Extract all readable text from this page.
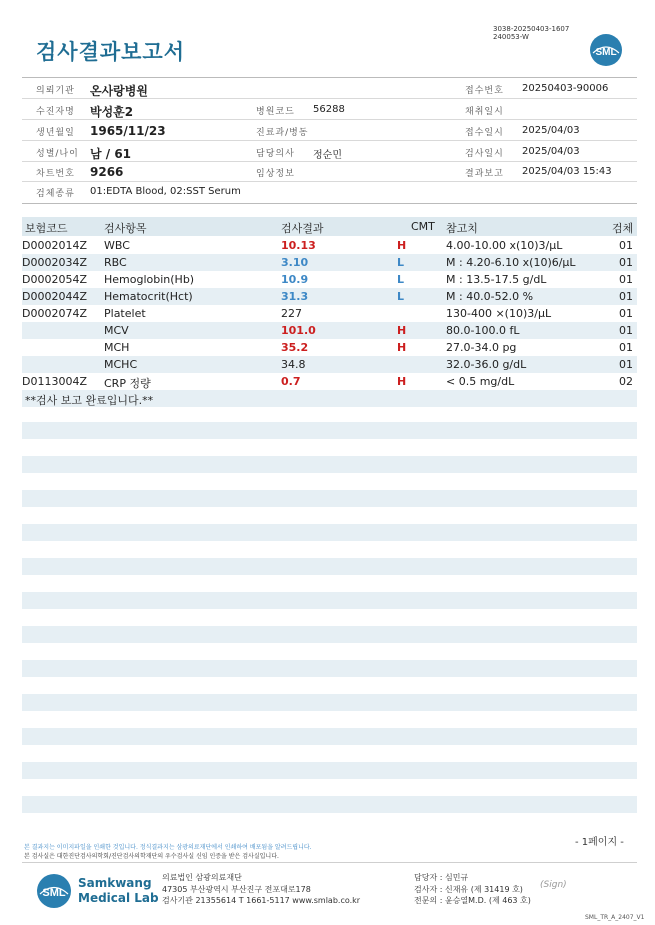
검사결과보고서
3038-20250403-1607
240053-W
SML
의뢰기관 온사랑병원	접수번호 20250403-90006
수진자명 박성훈2	병원코드 56288	채취일시
생년월일 1965/11/23	진료과/병동	접수일시 2025/04/03
성별/나이 남 / 61	담당의사 정순민	검사일시 2025/04/03
차트번호 9266	임상정보	결과보고 2025/04/03 15:43
검체종류 01:EDTA Blood, 02:SST Serum
보험코드	검사항목	검사결과	CMT 참고치	검체
D0002014Z WBC	10.13	H	4.00-10.00 x(10)3/μL	01
D0002034Z RBC	3.10	L	M : 4.20-6.10 x(10)6/μL	01
D0002054Z Hemoglobin(Hb)	10.9	L	M : 13.5-17.5 g/dL	01
D0002044Z Hematocrit(Hct)	31.3	L	M : 40.0-52.0 %	01
D0002074Z Platelet	227	130-400 ×(10)3/μL	01
MCV	101.0	H	80.0-100.0 fL	01
MCH	35.2	H	27.0-34.0 pg	01
MCHC	34.8	32.0-36.0 g/dL	01
D0113004Z CRP 정량	0.7	H	< 0.5 mg/dL	02
**검사 보고 완료입니다.**
- 1페이지 -
본 결과지는 이미지파일을 인쇄한 것입니다. 정식결과지는 삼광의료재단에서 인쇄하여 배포됨을 알려드립니다.
본 검사실은 대한진단검사의학회/진단검사의학재단의 우수검사실 신임 인증을 받은 검사실입니다.
SML
Samkwang
Medical Lab
의료법인 삼광의료재단
47305 부산광역시 부산진구 전포대로178
검사기관 21355614 T 1661-5117 www.smlab.co.kr
담당자 : 심민규
검사자 : 신재유 (제 31419 호)
전문의 : 윤승열M.D. (제 463 호)
(Sign)
SML_TR_A_2407_V1
